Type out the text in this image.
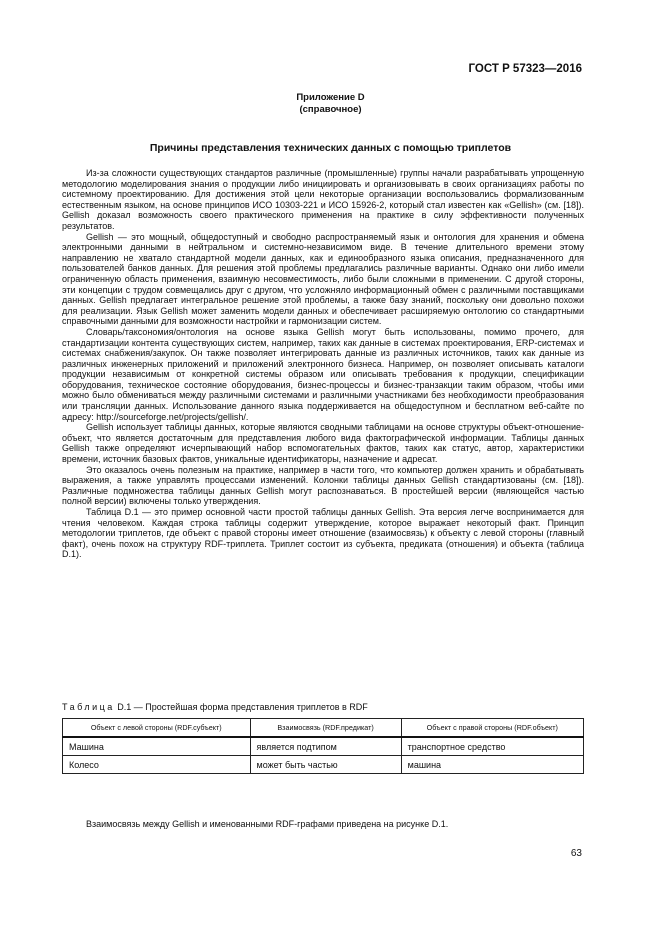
ГОСТ Р 57323—2016
Приложение D
(справочное)
Причины представления технических данных с помощью триплетов

Из-за сложности существующих стандартов различные (промышленные) группы начали разрабатывать упрощенную методологию моделирования знания о продукции либо инициировать и организовывать в своих организациях работы по системному проектированию. Для достижения этой цели некоторые организации воспользовались формализованным естественным языком, на основе принципов ИСО 10303-221 и ИСО 15926-2, который стал известен как «Gellish» (см. [18]). Gellish доказал возможность своего практического применения на практике в силу эффективности полученных результатов.

Gellish — это мощный, общедоступный и свободно распространяемый язык и онтология для хранения и обмена электронными данными в нейтральном и системно-независимом виде. В течение длительного времени этому направлению не хватало стандартной модели данных, как и единообразного языка описания, предназначенного для пользователей банков данных. Для решения этой проблемы предлагались различные варианты. Однако они либо имели ограниченную область применения, взаимную несовместимость, либо были сложными в применении. С другой стороны, эти концепции с трудом совмещались друг с другом, что усложняло информационный обмен с различными поставщиками данных. Gellish предлагает интегральное решение этой проблемы, а также базу знаний, поскольку они довольно похожи для реализации. Язык Gellish может заменить модели данных и обеспечивает расширяемую онтологию со стандартными справочными данными для возможности настройки и гармонизации систем.

Словарь/таксономия/онтология на основе языка Gellish могут быть использованы, помимо прочего, для стандартизации контента существующих систем, например, таких как данные в системах проектирования, ERP-системах и системах снабжения/закупок. Он также позволяет интегрировать данные из различных источников, таких как данные из различных инженерных приложений и приложений электронного бизнеса. Например, он позволяет описывать каталоги продукции независимым от конкретной системы образом или описывать требования к продукции, спецификации оборудования, техническое состояние оборудования, бизнес-процессы и бизнес-транзакции таким образом, чтобы ими можно было обмениваться между различными системами и различными участниками без необходимости преобразования или трансляции данных. Использование данного языка поддерживается на общедоступном и бесплатном веб-сайте по адресу: http://sourceforge.net/projects/gellish/.

Gellish использует таблицы данных, которые являются сводными таблицами на основе структуры объект-отношение-объект, что является достаточным для представления любого вида фактографической информации. Таблицы данных Gellish также определяют исчерпывающий набор вспомогательных фактов, таких как статус, автор, характеристики времени, источник базовых фактов, уникальные идентификаторы, назначение и адресат.

Это оказалось очень полезным на практике, например в части того, что компьютер должен хранить и обрабатывать выражения, а также управлять процессами изменений. Колонки таблицы данных Gellish стандартизованы (см. [18]). Различные подмножества таблицы данных Gellish могут распознаваться. В простейшей версии (являющейся частью полной версии) включены только утверждения.

Таблица D.1 — это пример основной части простой таблицы данных Gellish. Эта версия легче воспринимается для чтения человеком. Каждая строка таблицы содержит утверждение, которое выражает некоторый факт. Принцип методологии триплетов, где объект с правой стороны имеет отношение (взаимосвязь) к объекту с левой стороны (главный факт), очень похож на структуру RDF-триплета. Триплет состоит из субъекта, предиката (отношения) и объекта (таблица D.1).

Таблица D.1 — Простейшая форма представления триплетов в RDF
Объект с левой стороны (RDF.субъект)	Взаимосвязь (RDF.предикат)	Объект с правой стороны (RDF.объект)
Машина	является подтипом	транспортное средство
Колесо	может быть частью	машина
Взаимосвязь между Gellish и именованными RDF-графами приведена на рисунке D.1.
63
